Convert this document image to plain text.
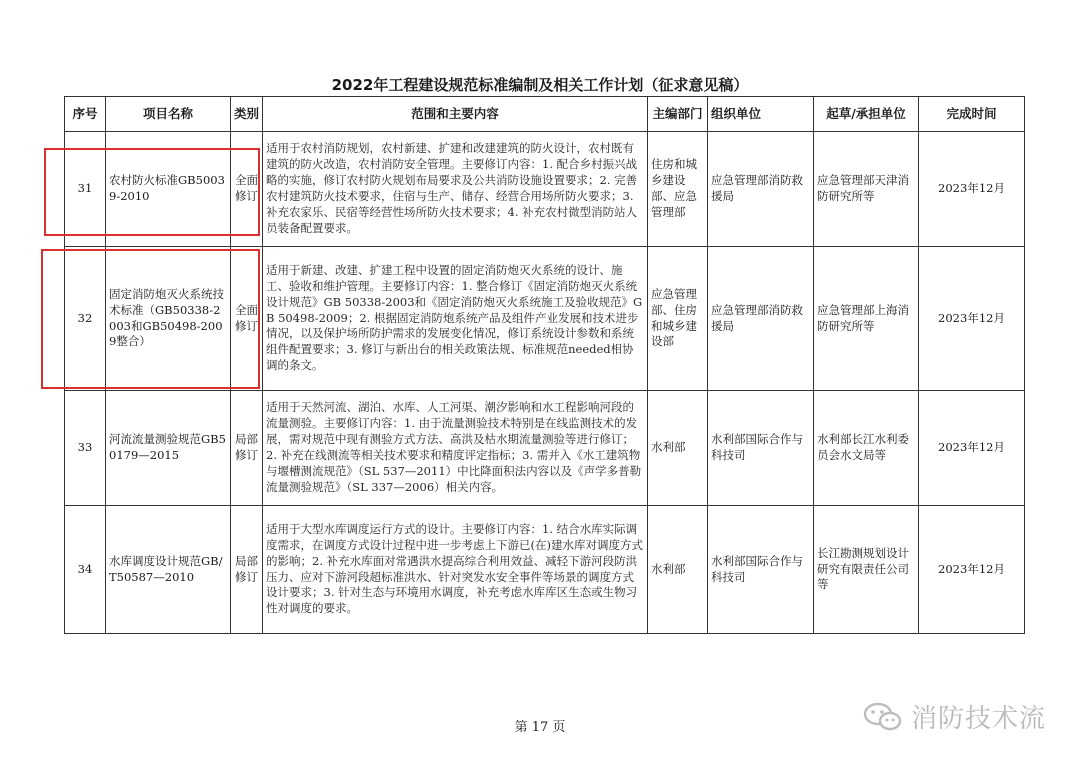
2022年工程建设规范标准编制及相关工作计划（征求意见稿）
序号	项目名称	类别	范围和主要内容	主编部门	组织单位	起草/承担单位	完成时间
31	农村防火标准GB50039-2010	全面修订	适用于农村消防规划，农村新建、扩建和改建建筑的防火设计，农村既有建筑的防火改造，农村消防安全管理。主要修订内容：1. 配合乡村振兴战略的实施，修订农村防火规划布局要求及公共消防设施设置要求；2. 完善农村建筑防火技术要求，住宿与生产、储存、经营合用场所防火要求；3. 补充农家乐、民宿等经营性场所防火技术要求；4. 补充农村微型消防站人员装备配置要求。	住房和城乡建设部、应急管理部	应急管理部消防救援局	应急管理部天津消防研究所等	2023年12月
32	固定消防炮灭火系统技术标准（GB50338-2003和GB50498-2009整合）	全面修订	适用于新建、改建、扩建工程中设置的固定消防炮灭火系统的设计、施工、验收和维护管理。主要修订内容：1. 整合修订《固定消防炮灭火系统设计规范》GB 50338-2003和《固定消防炮灭火系统施工及验收规范》GB 50498-2009；2. 根据固定消防炮系统产品及组件产业发展和技术进步情况，以及保护场所防护需求的发展变化情况，修订系统设计参数和系统组件配置要求；3. 修订与新出台的相关政策法规、标准规范needed相协调的条文。	应急管理部、住房和城乡建设部	应急管理部消防救援局	应急管理部上海消防研究所等	2023年12月
33	河流流量测验规范GB50179—2015	局部修订	适用于天然河流、湖泊、水库、人工河渠、潮汐影响和水工程影响河段的流量测验。主要修订内容：1. 由于流量测验技术特别是在线监测技术的发展，需对规范中现有测验方式方法、高洪及枯水期流量测验等进行修订；2. 补充在线测流等相关技术要求和精度评定指标；3. 需并入《水工建筑物与堰槽测流规范》（SL 537—2011）中比降面积法内容以及《声学多普勒流量测验规范》（SL 337—2006）相关内容。	水利部	水利部国际合作与科技司	水利部长江水利委员会水文局等	2023年12月
34	水库调度设计规范GB/T50587—2010	局部修订	适用于大型水库调度运行方式的设计。主要修订内容：1. 结合水库实际调度需求，在调度方式设计过程中进一步考虑上下游已(在)建水库对调度方式的影响；2. 补充水库面对常遇洪水提高综合利用效益、减轻下游河段防洪压力、应对下游河段超标准洪水、针对突发水安全事件等场景的调度方式设计要求；3. 针对生态与环境用水调度，补充考虑水库库区生态或生物习性对调度的要求。	水利部	水利部国际合作与科技司	长江勘测规划设计研究有限责任公司等	2023年12月
第 17 页	消防技术流
